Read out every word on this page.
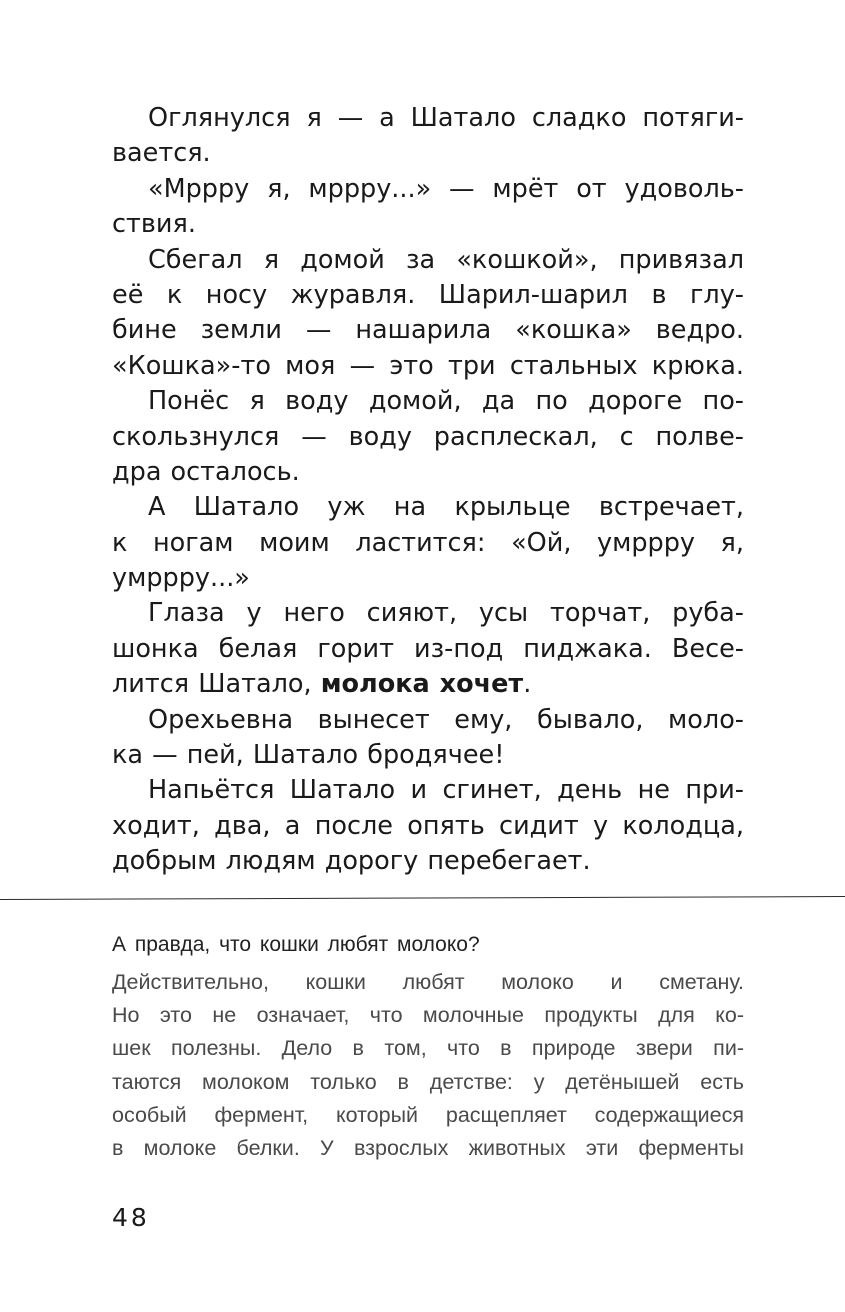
Оглянулся я — а Шатало сладко потяги-
вается.
«Мррру я, мррру...» — мрёт от удоволь-
ствия.
Сбегал я домой за «кошкой», привязал
её к носу журавля. Шарил-шарил в глу-
бине земли — нашарила «кошка» ведро.
«Кошка»-то моя — это три стальных крюка.
Понёс я воду домой, да по дороге по-
скользнулся — воду расплескал, с полве-
дра осталось.
А Шатало уж на крыльце встречает,
к ногам моим ластится: «Ой, умррру я,
умррру...»
Глаза у него сияют, усы торчат, руба-
шонка белая горит из-под пиджака. Весе-
лится Шатало, молока хочет.
Орехьевна вынесет ему, бывало, моло-
ка — пей, Шатало бродячее!
Напьётся Шатало и сгинет, день не при-
ходит, два, а после опять сидит у колодца,
добрым людям дорогу перебегает.
А правда, что кошки любят молоко?
Действительно, кошки любят молоко и сметану.
Но это не означает, что молочные продукты для ко-
шек полезны. Дело в том, что в природе звери пи-
таются молоком только в детстве: у детёнышей есть
особый фермент, который расщепляет содержащиеся
в молоке белки. У взрослых животных эти ферменты
48
